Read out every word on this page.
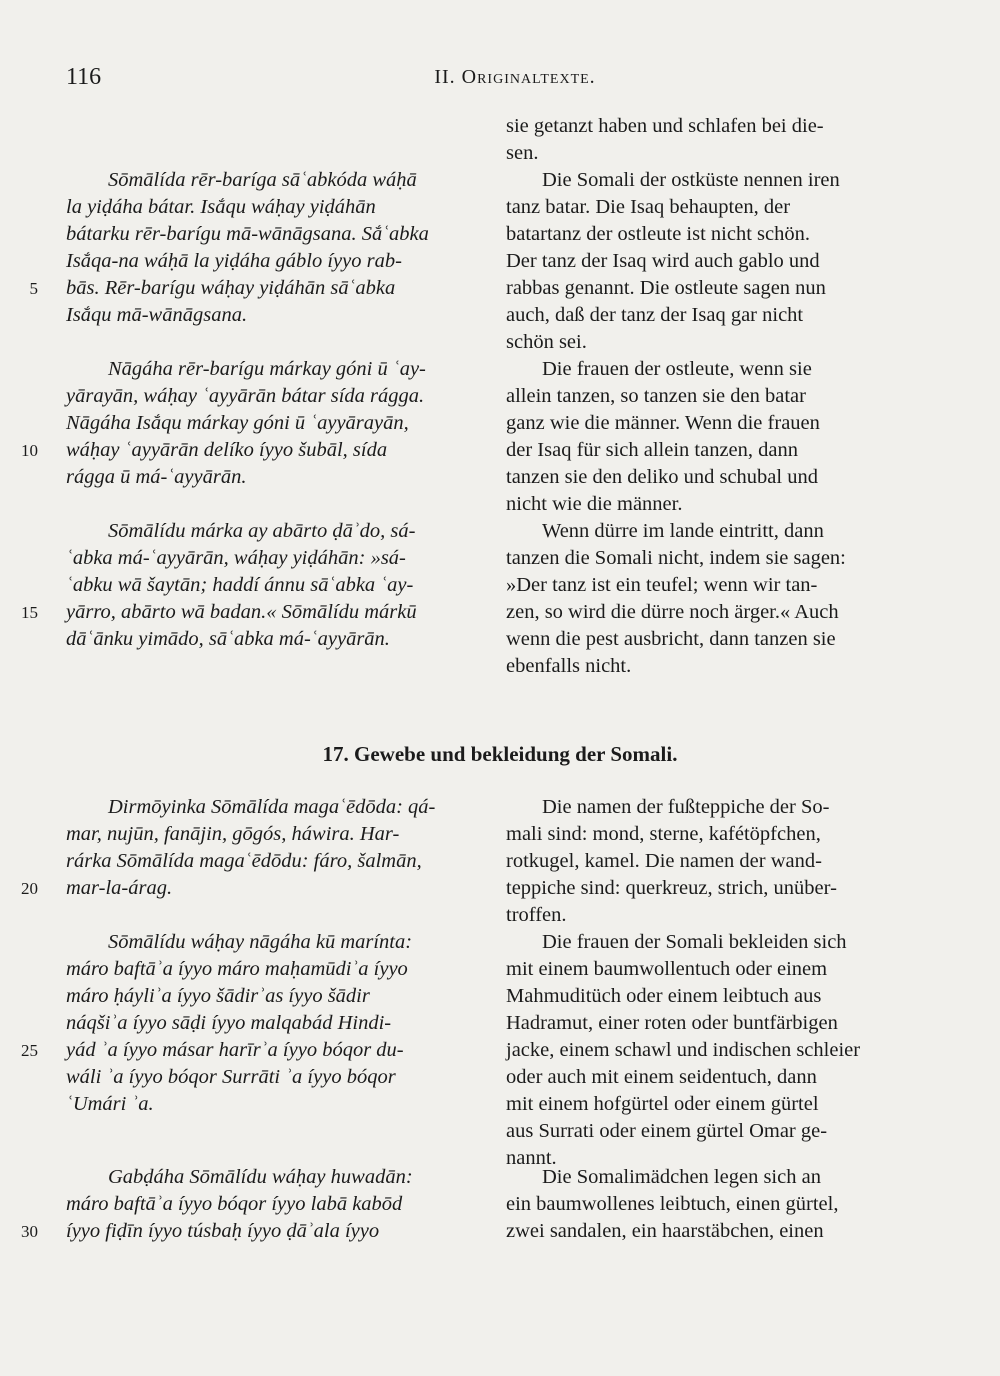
116	II. Originaltexte.
Sōmālída rēr-baríga sāʿabkóda wáḥā
la yiḍáha bátar. Isắqu wáḥay yiḍáhān
bátarku rēr-barígu mā-wānāgsana. Sắʿabka
Isắqa-na wáḥā la yiḍáha gáblo íyyo rab-
bās. Rēr-barígu wáḥay yiḍáhān sāʿabka
5
Isắqu mā-wānāgsana.
Nāgáha rēr-barígu márkay góni ū ʿay-
yārayān, wáḥay ʿayyārān bátar sída rágga.
Nāgáha Isắqu márkay góni ū ʿayyārayān,
wáḥay ʿayyārān delíko íyyo šubāl, sída
10
rágga ū má-ʿayyārān.
Sōmālídu márka ay abārto ḍāʾdo, sá-
ʿabka má-ʿayyārān, wáḥay yiḍáhān: »sá-
ʿabku wā šaytān; haddí ánnu sāʿabka ʿay-
yārro, abārto wā badan.« Sōmālídu márkū
15
dāʿānku yimādo, sāʿabka má-ʿayyārān.
Dirmōyinka Sōmālída magaʿēdōda: qá-
mar, nujūn, fanājin, gōgós, háwira. Har-
rárka Sōmālída magaʿēdōdu: fáro, šalmān,
mar-la-árag.
20
Sōmālídu wáḥay nāgáha kū marínta:
máro baftāʾa íyyo máro maḥamūdiʾa íyyo
máro ḥáyliʾa íyyo šādirʾas íyyo šādir
náqšiʾa íyyo sāḍi íyyo malqabád Hindi-
yád ʾa íyyo másar harīrʾa íyyo bóqor du-
25
wáli ʾa íyyo bóqor Surrāti ʾa íyyo bóqor
ʿUmári ʾa.
Gabḍáha Sōmālídu wáḥay huwadān:
máro baftāʾa íyyo bóqor íyyo labā kabōd
íyyo fiḍīn íyyo túsbaḥ íyyo ḍāʾala íyyo
30
sie getanzt haben und schlafen bei die-
sen.
Die Somali der ostküste nennen iren
tanz batar. Die Isaq behaupten, der
batartanz der ostleute ist nicht schön.
Der tanz der Isaq wird auch gablo und
rabbas genannt. Die ostleute sagen nun
auch, daß der tanz der Isaq gar nicht
schön sei.
Die frauen der ostleute, wenn sie
allein tanzen, so tanzen sie den batar
ganz wie die männer. Wenn die frauen
der Isaq für sich allein tanzen, dann
tanzen sie den deliko und schubal und
nicht wie die männer.
Wenn dürre im lande eintritt, dann
tanzen die Somali nicht, indem sie sagen:
»Der tanz ist ein teufel; wenn wir tan-
zen, so wird die dürre noch ärger.« Auch
wenn die pest ausbricht, dann tanzen sie
ebenfalls nicht.
Die namen der fußteppiche der So-
mali sind: mond, sterne, kafétöpfchen,
rotkugel, kamel. Die namen der wand-
teppiche sind: querkreuz, strich, unüber-
troffen.
Die frauen der Somali bekleiden sich
mit einem baumwollentuch oder einem
Mahmuditüch oder einem leibtuch aus
Hadramut, einer roten oder buntfärbigen
jacke, einem schawl und indischen schleier
oder auch mit einem seidentuch, dann
mit einem hofgürtel oder einem gürtel
aus Surrati oder einem gürtel Omar ge-
nannt.
Die Somalimädchen legen sich an
ein baumwollenes leibtuch, einen gürtel,
zwei sandalen, ein haarstäbchen, einen
17. Gewebe und bekleidung der Somali.
